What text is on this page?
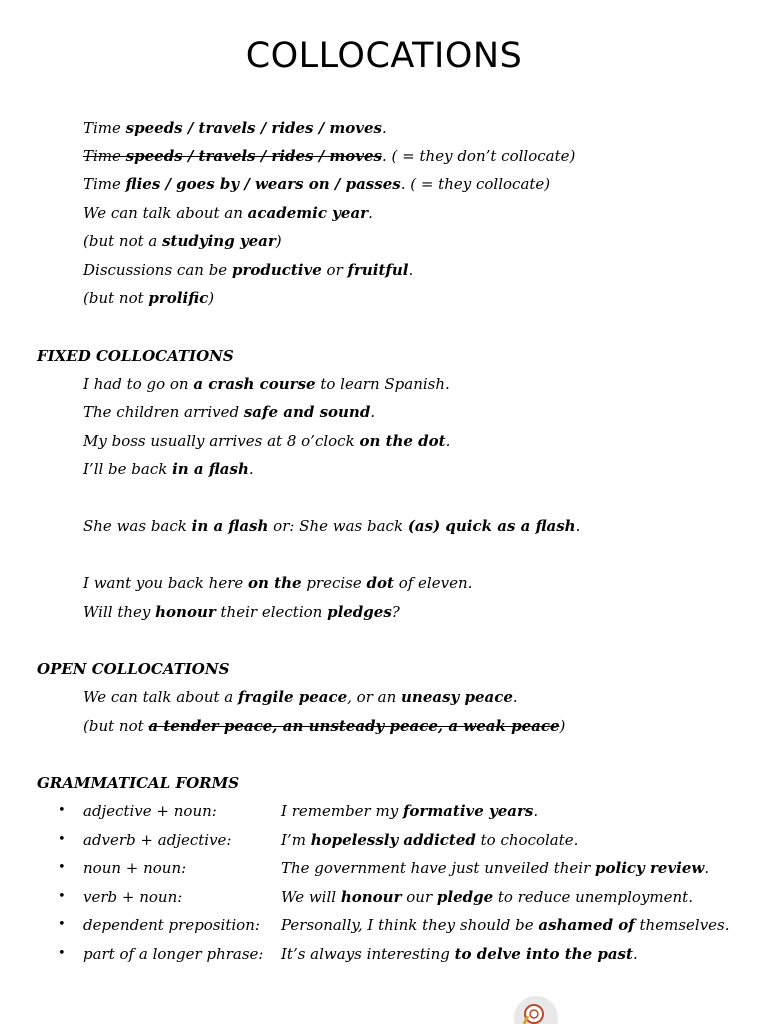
COLLOCATIONS
Time speeds / travels / rides / moves.
Time speeds / travels / rides / moves. ( = they don’t collocate)
Time flies / goes by / wears on / passes. ( = they collocate)
We can talk about an academic year.
(but not a studying year)
Discussions can be productive or fruitful.
(but not prolific)
FIXED COLLOCATIONS
I had to go on a crash course to learn Spanish.
The children arrived safe and sound.
My boss usually arrives at 8 o’clock on the dot.
I’ll be back in a flash.
She was back in a flash or: She was back (as) quick as a flash.
I want you back here on the precise dot of eleven.
Will they honour their election pledges?
OPEN COLLOCATIONS
We can talk about a fragile peace, or an uneasy peace.
(but not a tender peace, an unsteady peace, a weak peace)
GRAMMATICAL FORMS
• adjective + noun:	I remember my formative years.
• adverb + adjective:	I’m hopelessly addicted to chocolate.
• noun + noun:	The government have just unveiled their policy review.
• verb + noun:	We will honour our pledge to reduce unemployment.
• dependent preposition: Personally, I think they should be ashamed of themselves.
• part of a longer phrase: It’s always interesting to delve into the past.
